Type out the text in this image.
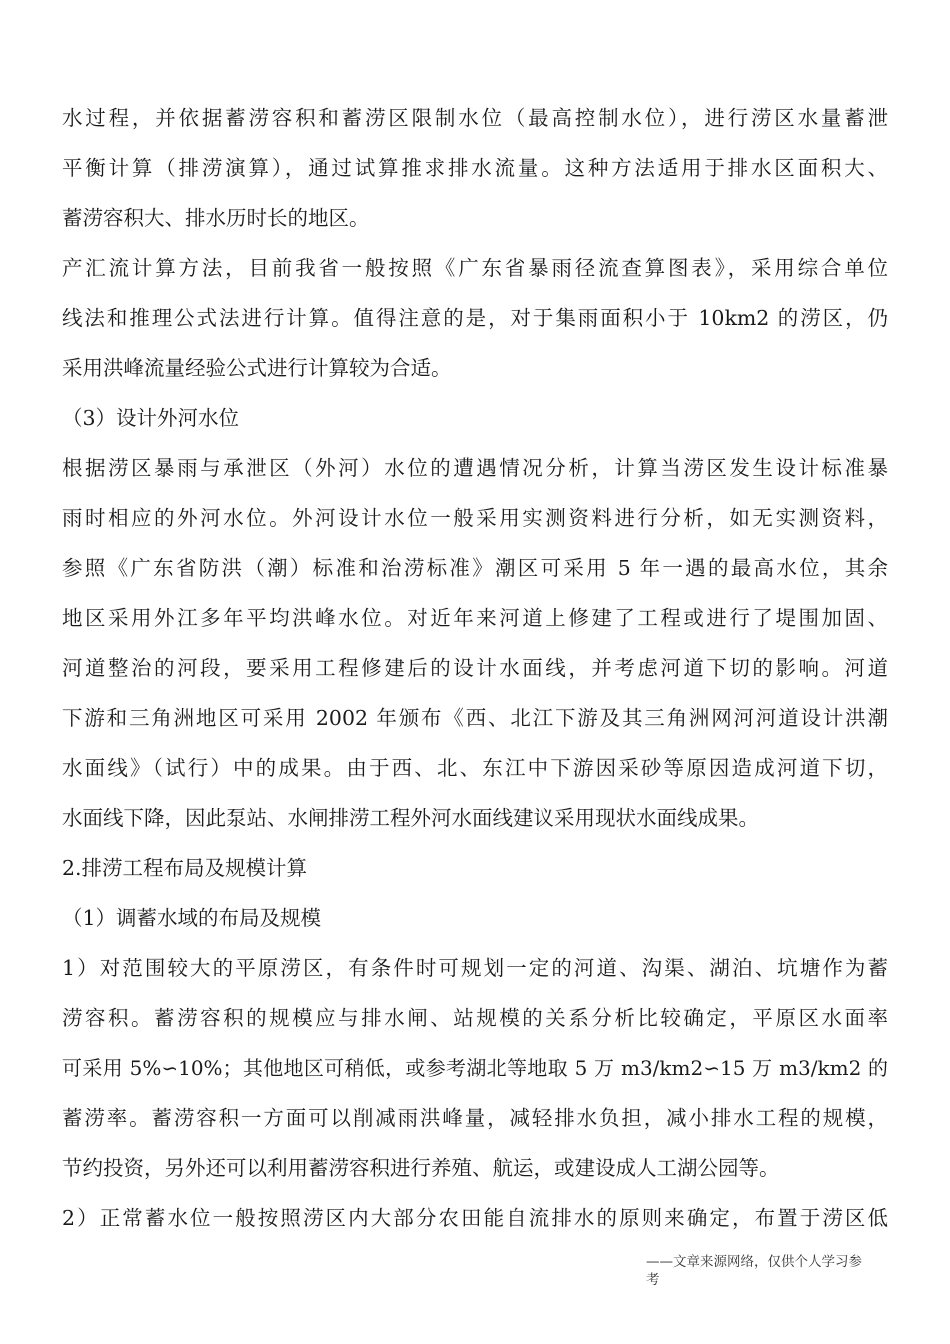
水过程，并依据蓄涝容积和蓄涝区限制水位（最高控制水位），进行涝区水量蓄泄
平衡计算（排涝演算），通过试算推求排水流量。这种方法适用于排水区面积大、
蓄涝容积大、排水历时长的地区。
产汇流计算方法，目前我省一般按照《广东省暴雨径流查算图表》，采用综合单位
线法和推理公式法进行计算。值得注意的是，对于集雨面积小于 10km2 的涝区，仍
采用洪峰流量经验公式进行计算较为合适。
（3）设计外河水位
根据涝区暴雨与承泄区（外河）水位的遭遇情况分析，计算当涝区发生设计标准暴
雨时相应的外河水位。外河设计水位一般采用实测资料进行分析，如无实测资料，
参照《广东省防洪（潮）标准和治涝标准》潮区可采用 5 年一遇的最高水位，其余
地区采用外江多年平均洪峰水位。对近年来河道上修建了工程或进行了堤围加固、
河道整治的河段，要采用工程修建后的设计水面线，并考虑河道下切的影响。河道
下游和三角洲地区可采用 2002 年颁布《西、北江下游及其三角洲网河河道设计洪潮
水面线》（试行）中的成果。由于西、北、东江中下游因采砂等原因造成河道下切，
水面线下降，因此泵站、水闸排涝工程外河水面线建议采用现状水面线成果。
2.排涝工程布局及规模计算
（1）调蓄水域的布局及规模
1）对范围较大的平原涝区，有条件时可规划一定的河道、沟渠、湖泊、坑塘作为蓄
涝容积。蓄涝容积的规模应与排水闸、站规模的关系分析比较确定，平原区水面率
可采用 5%∽10%；其他地区可稍低，或参考湖北等地取 5 万 m3/km2∽15 万 m3/km2 的
蓄涝率。蓄涝容积一方面可以削减雨洪峰量，减轻排水负担，减小排水工程的规模，
节约投资，另外还可以利用蓄涝容积进行养殖、航运，或建设成人工湖公园等。
2）正常蓄水位一般按照涝区内大部分农田能自流排水的原则来确定，布置于涝区低
——文章来源网络，仅供个人学习参
考
